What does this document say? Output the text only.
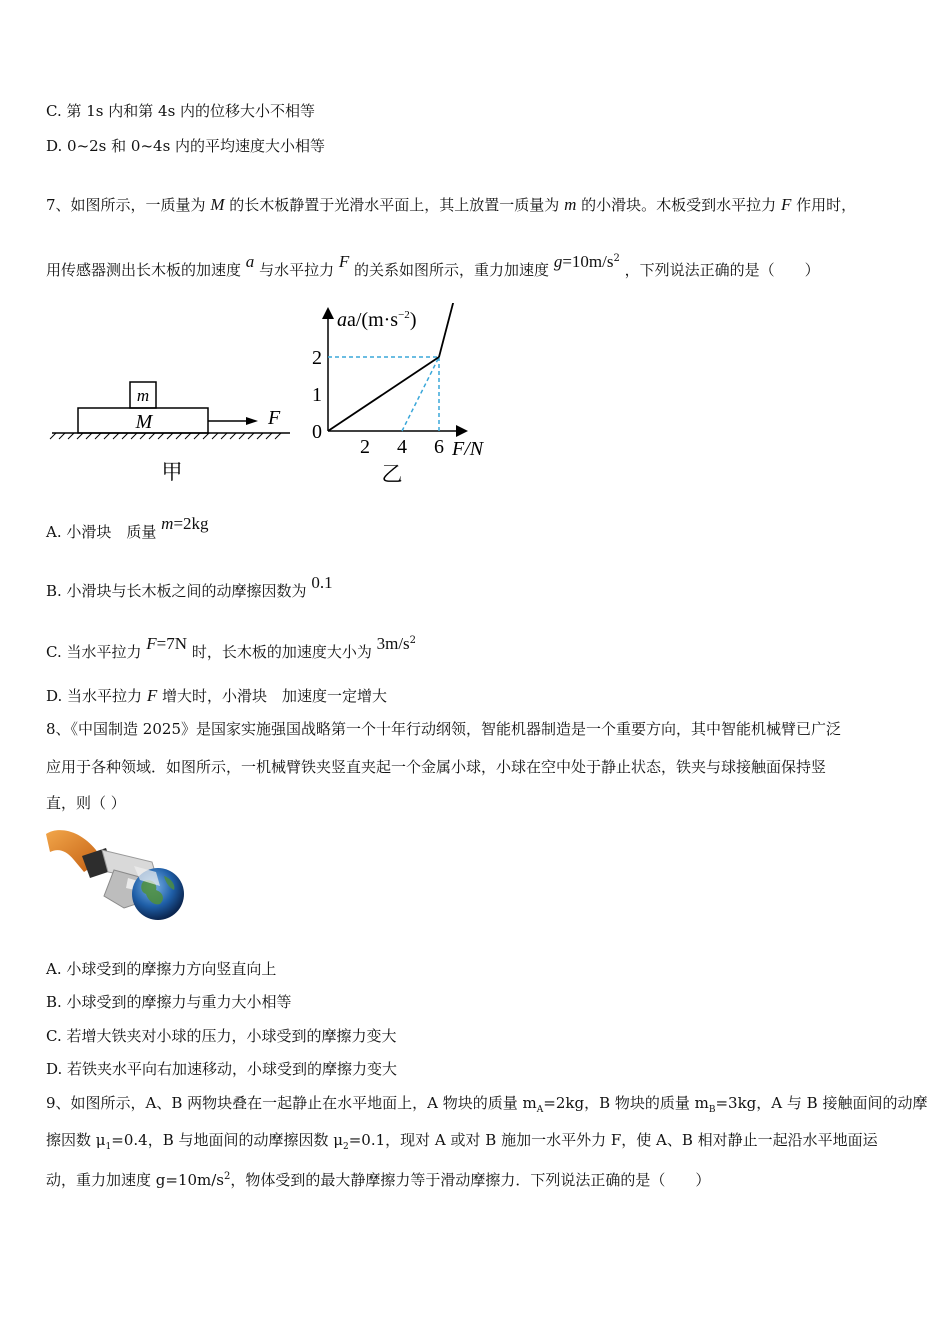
C. 第 1s 内和第 4s 内的位移大小不相等
D. 0~2s 和 0~4s 内的平均速度大小相等
7、如图所示，一质量为 M 的长木板静置于光滑水平面上，其上放置一质量为 m 的小滑块。木板受到水平拉力 F 作用时，
用传感器测出长木板的加速度 a 与水平拉力 F 的关系如图所示，重力加速度 $g=10m/s^2$ ，下列说法正确的是（　　）
m
M	F
甲
$aa/(m\cdot s^{-2})$
F/N
2 4 6
2
1
0
乙
A. 小滑块　质量 m=2kg
B. 小滑块与长木板之间的动摩擦因数为 0.1
C. 当水平拉力 F=7N 时，长木板的加速度大小为 $3m/s^2$
D. 当水平拉力 F 增大时，小滑块　加速度一定增大
8、《中国制造 2025》是国家实施强国战略第一个十年行动纲领，智能机器制造是一个重要方向，其中智能机械臂已广泛
应用于各种领域．如图所示，一机械臂铁夹竖直夹起一个金属小球，小球在空中处于静止状态，铁夹与球接触面保持竖
直，则（ ）
A. 小球受到的摩擦力方向竖直向上
B. 小球受到的摩擦力与重力大小相等
C. 若增大铁夹对小球的压力，小球受到的摩擦力变大
D. 若铁夹水平向右加速移动，小球受到的摩擦力变大
9、如图所示，A、B 两物块叠在一起静止在水平地面上，A 物块的质量 $m_A=2kg$，B 物块的质量 $m_B=3kg$，A 与 B 接触面间的动摩
擦因数 $\mu_1=0.4$，B 与地面间的动摩擦因数 $\mu_2=0.1$，现对 A 或对 B 施加一水平外力 F，使 A、B 相对静止一起沿水平地面运
动，重力加速度 $g=10m/s^2$，物体受到的最大静摩擦力等于滑动摩擦力．下列说法正确的是（　　）
